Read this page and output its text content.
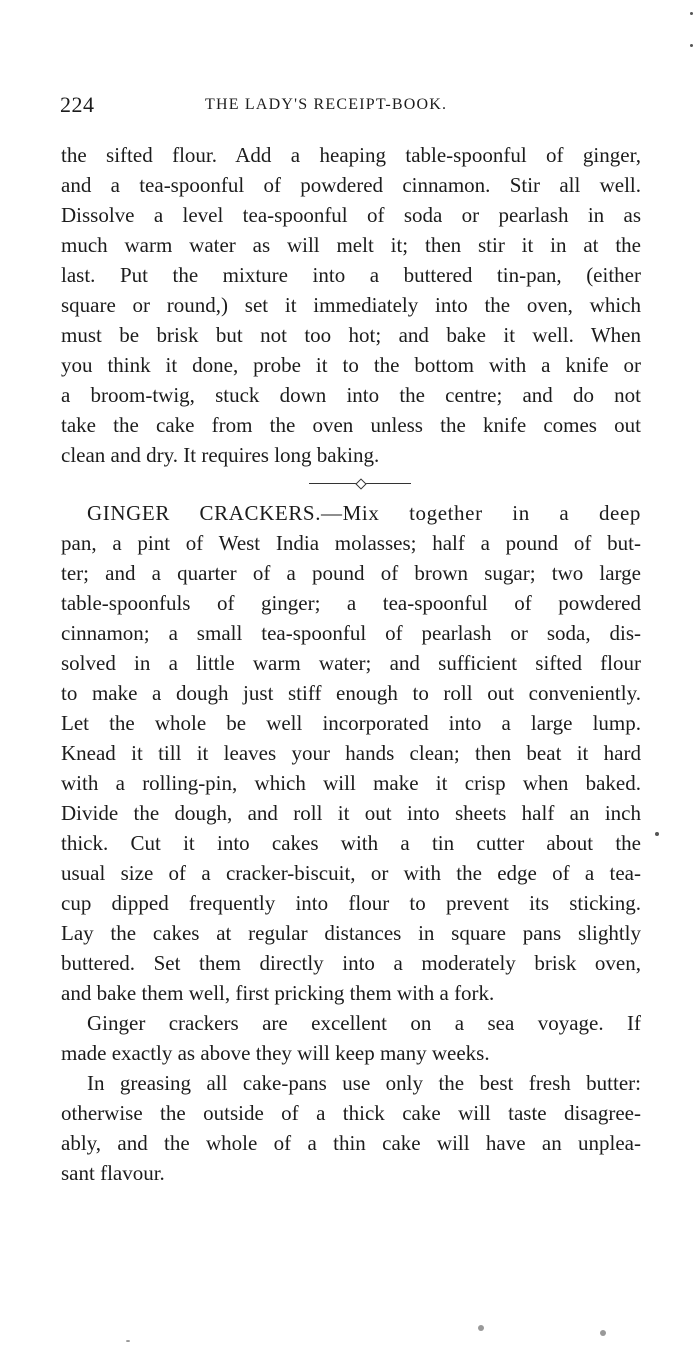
224	THE LADY'S RECEIPT-BOOK.
the sifted flour. Add a heaping table-spoonful of ginger,
and a tea-spoonful of powdered cinnamon. Stir all well.
Dissolve a level tea-spoonful of soda or pearlash in as
much warm water as will melt it; then stir it in at the
last. Put the mixture into a buttered tin-pan, (either
square or round,) set it immediately into the oven, which
must be brisk but not too hot; and bake it well. When
you think it done, probe it to the bottom with a knife or
a broom-twig, stuck down into the centre; and do not
take the cake from the oven unless the knife comes out
clean and dry. It requires long baking.
GINGER CRACKERS.—Mix together in a deep
pan, a pint of West India molasses; half a pound of but-
ter; and a quarter of a pound of brown sugar; two large
table-spoonfuls of ginger; a tea-spoonful of powdered
cinnamon; a small tea-spoonful of pearlash or soda, dis-
solved in a little warm water; and sufficient sifted flour
to make a dough just stiff enough to roll out conveniently.
Let the whole be well incorporated into a large lump.
Knead it till it leaves your hands clean; then beat it hard
with a rolling-pin, which will make it crisp when baked.
Divide the dough, and roll it out into sheets half an inch
thick. Cut it into cakes with a tin cutter about the
usual size of a cracker-biscuit, or with the edge of a tea-
cup dipped frequently into flour to prevent its sticking.
Lay the cakes at regular distances in square pans slightly
buttered. Set them directly into a moderately brisk oven,
and bake them well, first pricking them with a fork.
Ginger crackers are excellent on a sea voyage. If
made exactly as above they will keep many weeks.
In greasing all cake-pans use only the best fresh butter:
otherwise the outside of a thick cake will taste disagree-
ably, and the whole of a thin cake will have an unplea-
sant flavour.
